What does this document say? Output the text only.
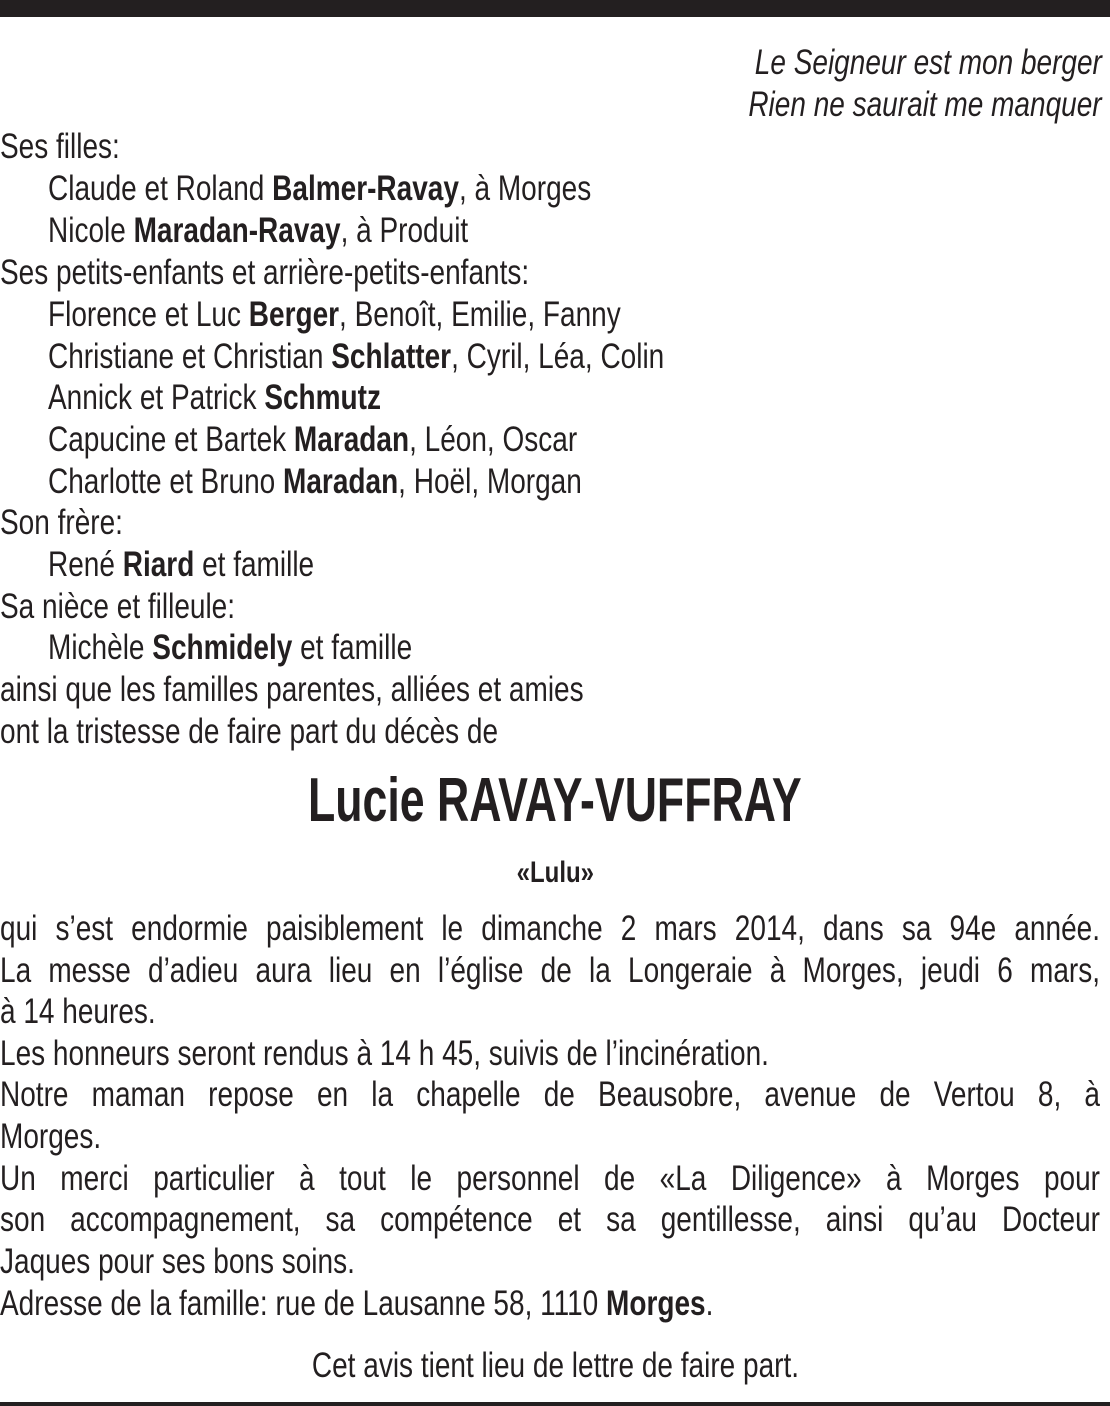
Le Seigneur est mon berger
Rien ne saurait me manquer
Ses filles:
Claude et Roland Balmer-Ravay, à Morges
Nicole Maradan-Ravay, à Produit
Ses petits-enfants et arrière-petits-enfants:
Florence et Luc Berger, Benoît, Emilie, Fanny
Christiane et Christian Schlatter, Cyril, Léa, Colin
Annick et Patrick Schmutz
Capucine et Bartek Maradan, Léon, Oscar
Charlotte et Bruno Maradan, Hoël, Morgan
Son frère:
René Riard et famille
Sa nièce et filleule:
Michèle Schmidely et famille
ainsi que les familles parentes, alliées et amies
ont la tristesse de faire part du décès de
Lucie RAVAY-VUFFRAY
«Lulu»
qui s’est endormie paisiblement le dimanche 2 mars 2014, dans sa 94e année.
La messe d’adieu aura lieu en l’église de la Longeraie à Morges, jeudi 6 mars,
à 14 heures.
Les honneurs seront rendus à 14 h 45, suivis de l’incinération.
Notre maman repose en la chapelle de Beausobre, avenue de Vertou 8, à
Morges.
Un merci particulier à tout le personnel de «La Diligence» à Morges pour
son accompagnement, sa compétence et sa gentillesse, ainsi qu’au Docteur
Jaques pour ses bons soins.
Adresse de la famille: rue de Lausanne 58, 1110 Morges.
Cet avis tient lieu de lettre de faire part.
